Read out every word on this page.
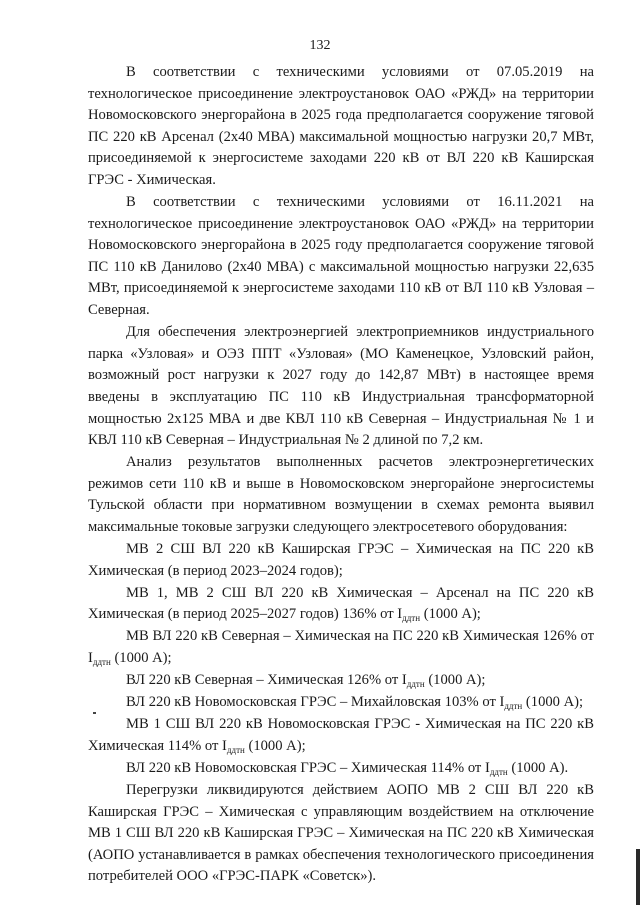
132

В соответствии с техническими условиями от 07.05.2019 на технологическое присоединение электроустановок ОАО «РЖД» на территории Новомосковского энергорайона в 2025 года предполагается сооружение тяговой ПС 220 кВ Арсенал (2х40 МВА) максимальной мощностью нагрузки 20,7 МВт, присоединяемой к энергосистеме заходами 220 кВ от ВЛ 220 кВ Каширская ГРЭС - Химическая.

В соответствии с техническими условиями от 16.11.2021 на технологическое присоединение электроустановок ОАО «РЖД» на территории Новомосковского энергорайона в 2025 году предполагается сооружение тяговой ПС 110 кВ Данилово (2х40 МВА) с максимальной мощностью нагрузки 22,635 МВт, присоединяемой к энергосистеме заходами 110 кВ от ВЛ 110 кВ Узловая – Северная.

Для обеспечения электроэнергией электроприемников индустриального парка «Узловая» и ОЭЗ ППТ «Узловая» (МО Каменецкое, Узловский район, возможный рост нагрузки к 2027 году до 142,87 МВт) в настоящее время введены в эксплуатацию ПС 110 кВ Индустриальная трансформаторной мощностью 2х125 МВА и две КВЛ 110 кВ Северная – Индустриальная № 1 и КВЛ 110 кВ Северная – Индустриальная № 2 длиной по 7,2 км.

Анализ результатов выполненных расчетов электроэнергетических режимов сети 110 кВ и выше в Новомосковском энергорайоне энергосистемы Тульской области при нормативном возмущении в схемах ремонта выявил максимальные токовые загрузки следующего электросетевого оборудования:

МВ 2 СШ ВЛ 220 кВ Каширская ГРЭС – Химическая на ПС 220 кВ Химическая (в период 2023–2024 годов);

МВ 1, МВ 2 СШ ВЛ 220 кВ Химическая – Арсенал на ПС 220 кВ Химическая (в период 2025–2027 годов) 136% от $I_{ддтн}$ (1000 А);

МВ ВЛ 220 кВ Северная – Химическая на ПС 220 кВ Химическая 126% от $I_{ддтн}$ (1000 А);

ВЛ 220 кВ Северная – Химическая 126% от $I_{ддтн}$ (1000 А);

ВЛ 220 кВ Новомосковская ГРЭС – Михайловская 103% от $I_{ддтн}$ (1000 А);

МВ 1 СШ ВЛ 220 кВ Новомосковская ГРЭС - Химическая на ПС 220 кВ Химическая 114% от $I_{ддтн}$ (1000 А);

ВЛ 220 кВ Новомосковская ГРЭС – Химическая 114% от $I_{ддтн}$ (1000 А).

Перегрузки ликвидируются действием АОПО МВ 2 СШ ВЛ 220 кВ Каширская ГРЭС – Химическая с управляющим воздействием на отключение МВ 1 СШ ВЛ 220 кВ Каширская ГРЭС – Химическая на ПС 220 кВ Химическая (АОПО устанавливается в рамках обеспечения технологического присоединения потребителей ООО «ГРЭС-ПАРК «Советск»).
